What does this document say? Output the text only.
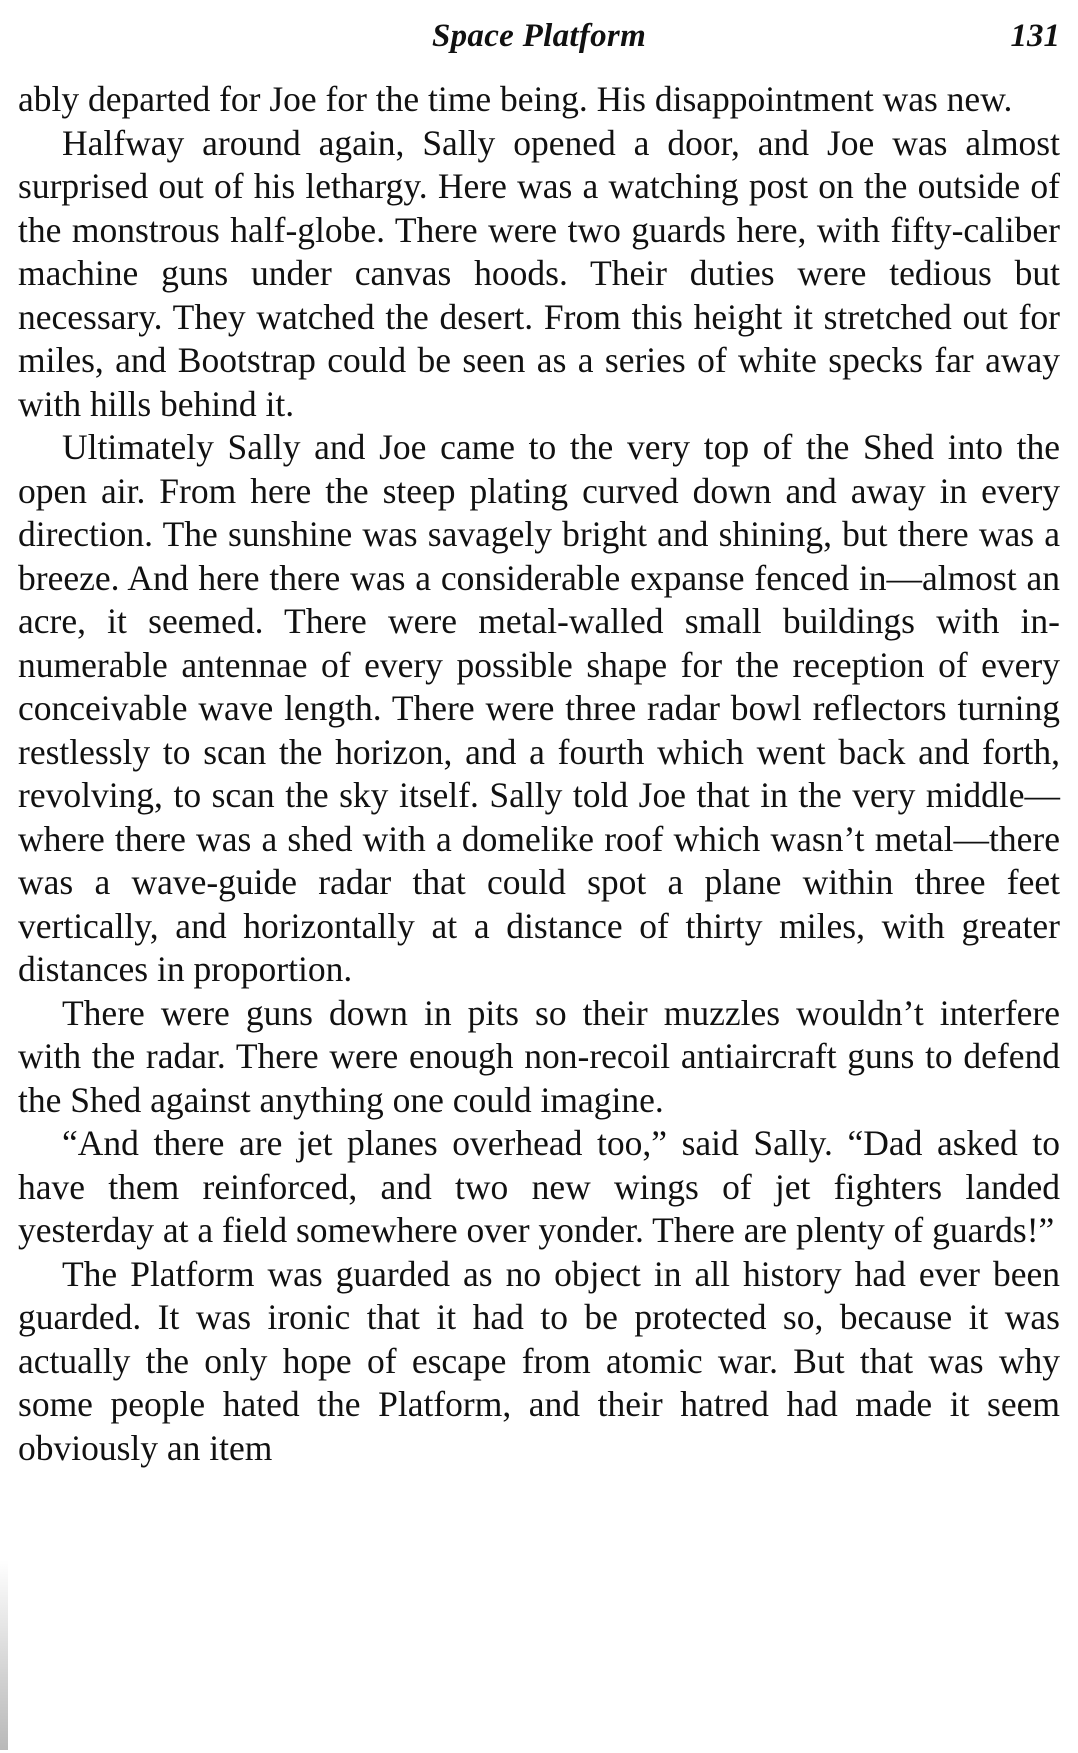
Space Platform	131

ably departed for Joe for the time being. His disappointment was new.

Halfway around again, Sally opened a door, and Joe was almost surprised out of his lethargy. Here was a watching post on the outside of the monstrous half-globe. There were two guards here, with fifty-caliber machine guns under canvas hoods. Their duties were tedious but necessary. They watched the desert. From this height it stretched out for miles, and Bootstrap could be seen as a series of white specks far away with hills behind it.

Ultimately Sally and Joe came to the very top of the Shed into the open air. From here the steep plating curved down and away in every direction. The sunshine was savagely bright and shining, but there was a breeze. And here there was a considerable expanse fenced in—almost an acre, it seemed. There were metal-walled small buildings with innumerable antennae of every possible shape for the reception of every conceivable wave length. There were three radar bowl reflectors turning restlessly to scan the horizon, and a fourth which went back and forth, revolving, to scan the sky itself. Sally told Joe that in the very middle—where there was a shed with a domelike roof which wasn’t metal—there was a wave-guide radar that could spot a plane within three feet vertically, and horizontally at a distance of thirty miles, with greater distances in proportion.

There were guns down in pits so their muzzles wouldn’t interfere with the radar. There were enough non-recoil antiaircraft guns to defend the Shed against anything one could imagine.

“And there are jet planes overhead too,” said Sally. “Dad asked to have them reinforced, and two new wings of jet fighters landed yesterday at a field somewhere over yonder. There are plenty of guards!”

The Platform was guarded as no object in all history had ever been guarded. It was ironic that it had to be protected so, because it was actually the only hope of escape from atomic war. But that was why some people hated the Platform, and their hatred had made it seem obviously an item
